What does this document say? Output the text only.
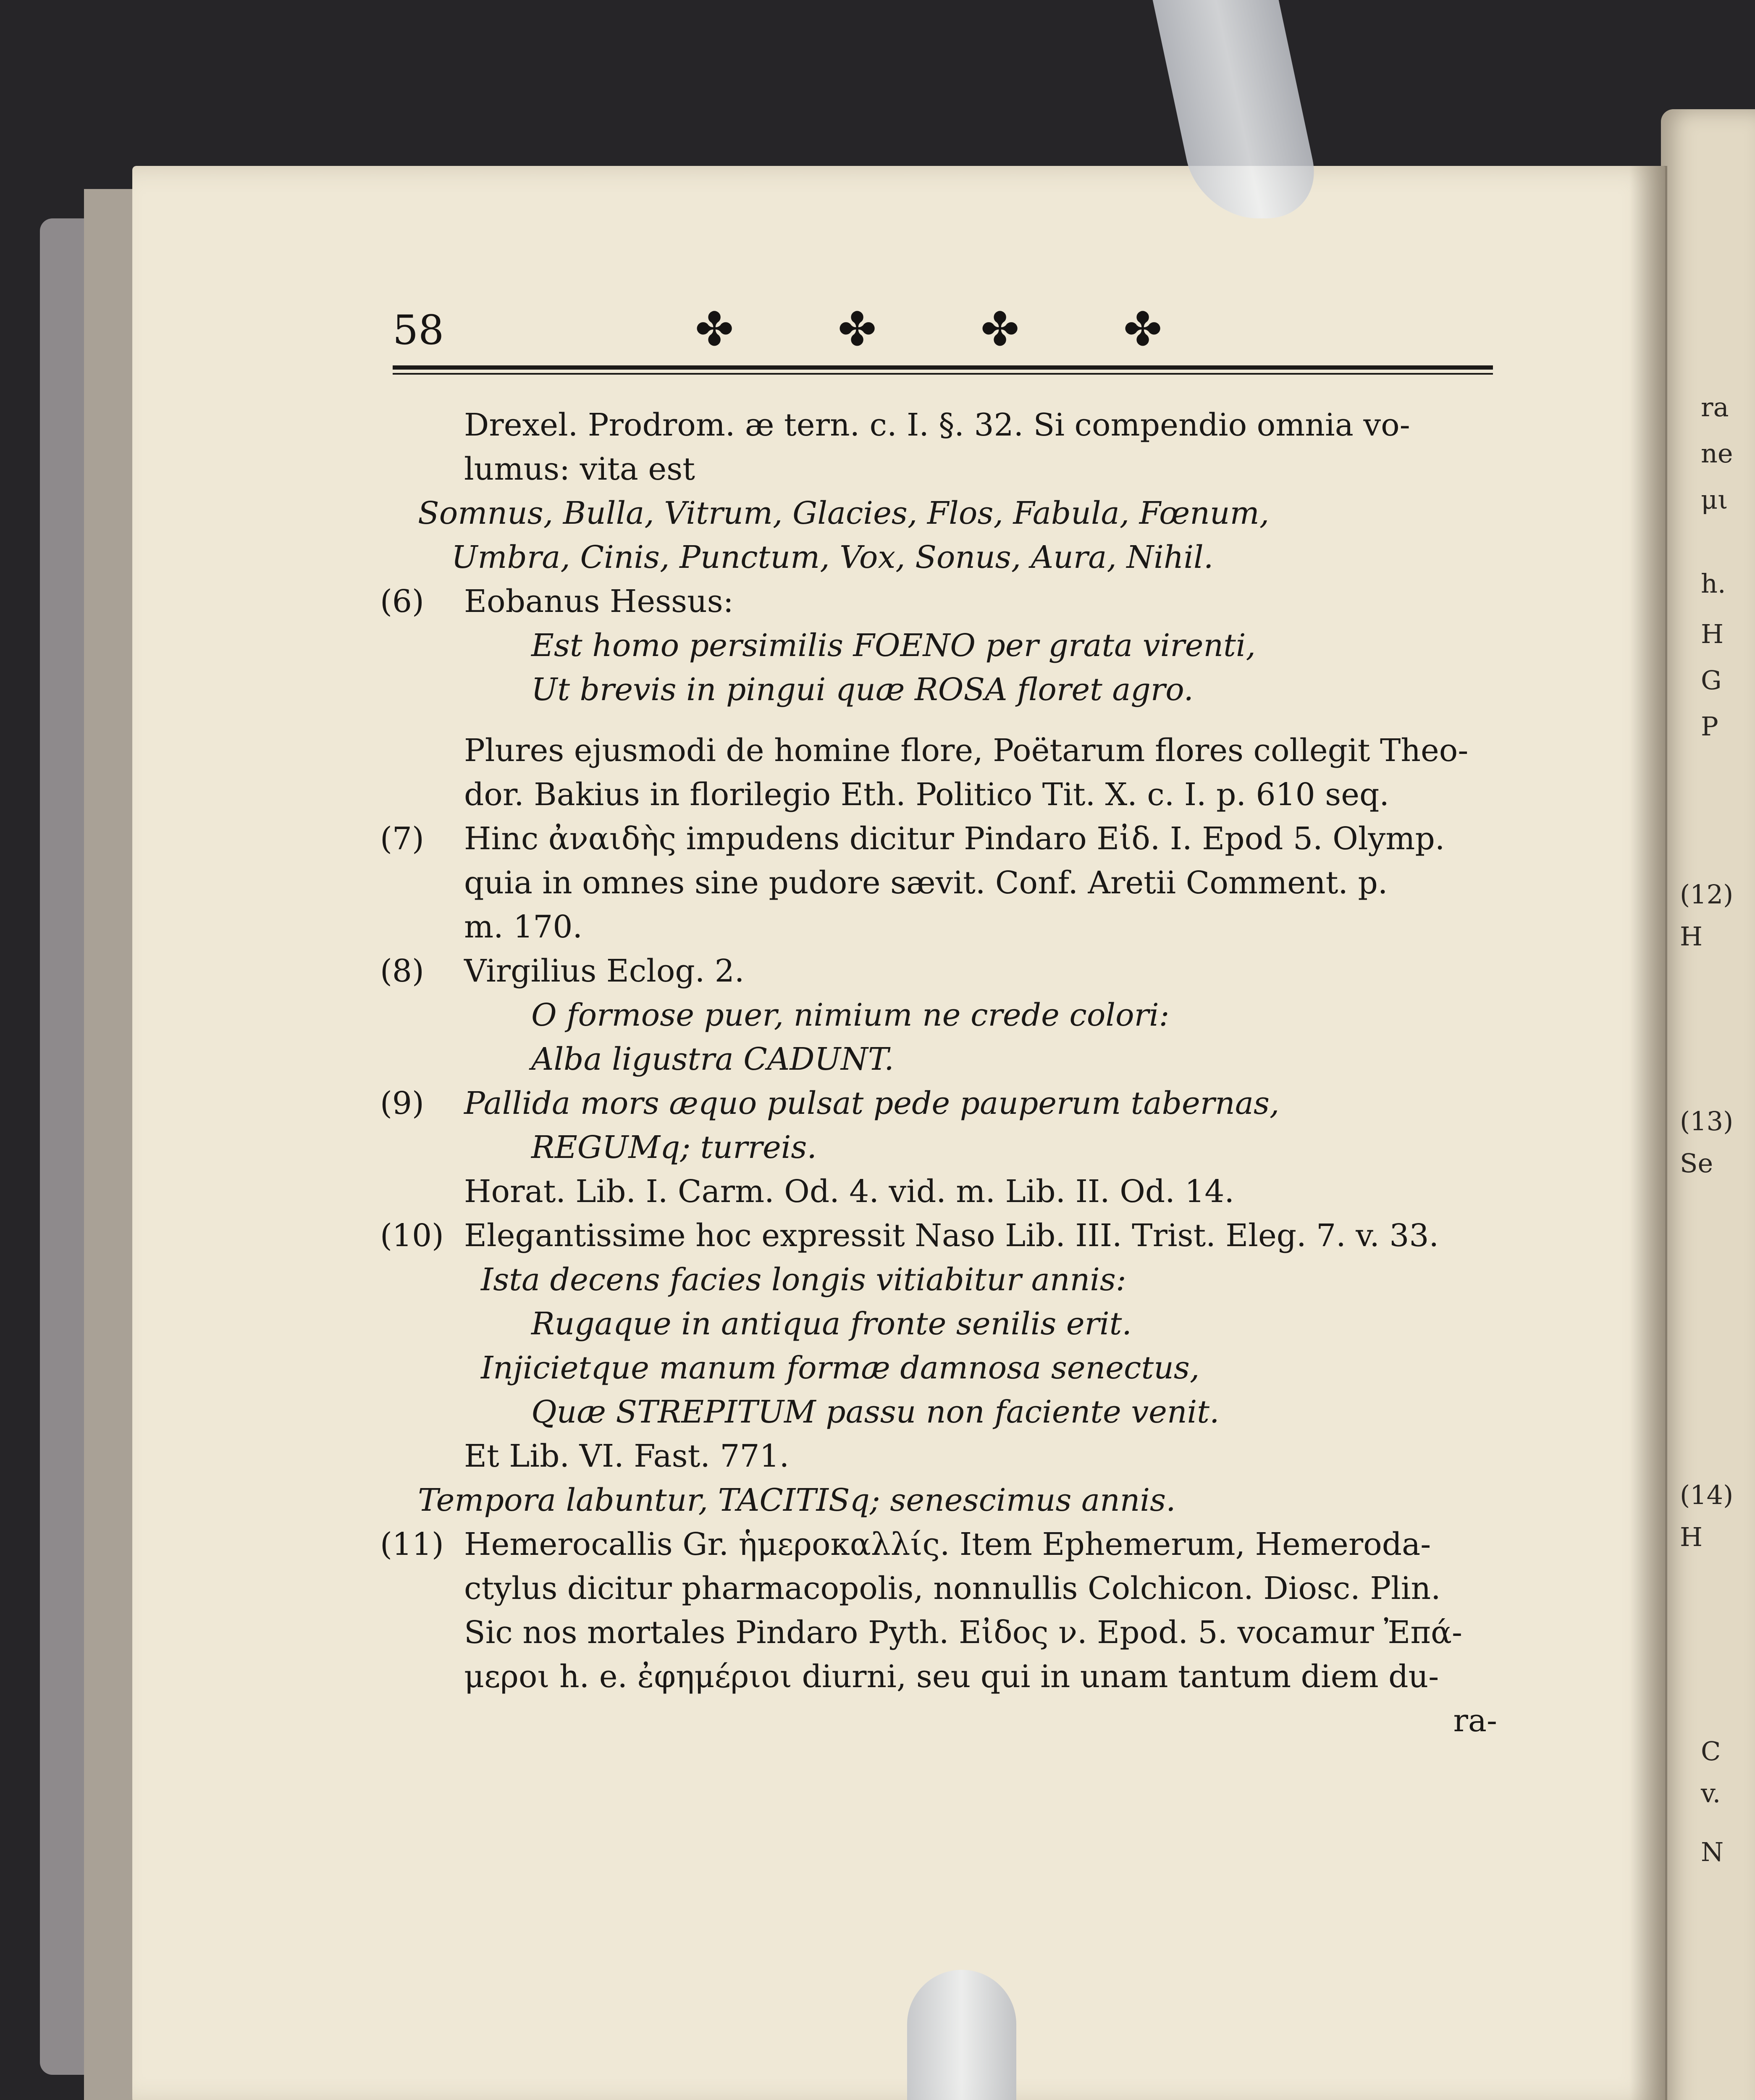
58	✤ ✤ ✤ ✤
Drexel. Prodrom. æ tern. c. I. §. 32. Si compendio omnia vo-
lumus: vita est
Somnus, Bulla, Vitrum, Glacies, Flos, Fabula, Fœnum,
Umbra, Cinis, Punctum, Vox, Sonus, Aura, Nihil.
(6) Eobanus Hessus:
Est homo persimilis FOENO per grata virenti,
Ut brevis in pingui quæ ROSA floret agro.
Plures ejusmodi de homine flore, Poëtarum flores collegit Theo-
dor. Bakius in florilegio Eth. Politico Tit. X. c. I. p. 610 seq.
(7) Hinc ἀναιδὴς impudens dicitur Pindaro Εἰδ. I. Epod 5. Olymp.
quia in omnes sine pudore sævit. Conf. Aretii Comment. p.
m. 170.
(8) Virgilius Eclog. 2.
O formose puer, nimium ne crede colori:
Alba ligustra CADUNT.
(9) Pallida mors æquo pulsat pede pauperum tabernas,
REGUMq; turreis.
Horat. Lib. I. Carm. Od. 4. vid. m. Lib. II. Od. 14.
(10) Elegantissime hoc expressit Naso Lib. III. Trist. Eleg. 7. v. 33.
Ista decens facies longis vitiabitur annis:
Rugaque in antiqua fronte senilis erit.
Injicietque manum formæ damnosa senectus,
Quæ STREPITUM passu non faciente venit.
Et Lib. VI. Fast. 771.
Tempora labuntur, TACITISq; senescimus annis.
(11) Hemerocallis Gr. ἡμεροκαλλίς. Item Ephemerum, Hemeroda-
ctylus dicitur pharmacopolis, nonnullis Colchicon. Diosc. Plin.
Sic nos mortales Pindaro Pyth. Εἰδος ν. Epod. 5. vocamur Ἐπά-
μεροι h. e. ἐφημέριοι diurni, seu qui in unam tantum diem du-
ra-
ra
ne
μι
h.
H
G
P
(12) H
(13) Se
(14) H
C
v.
N
